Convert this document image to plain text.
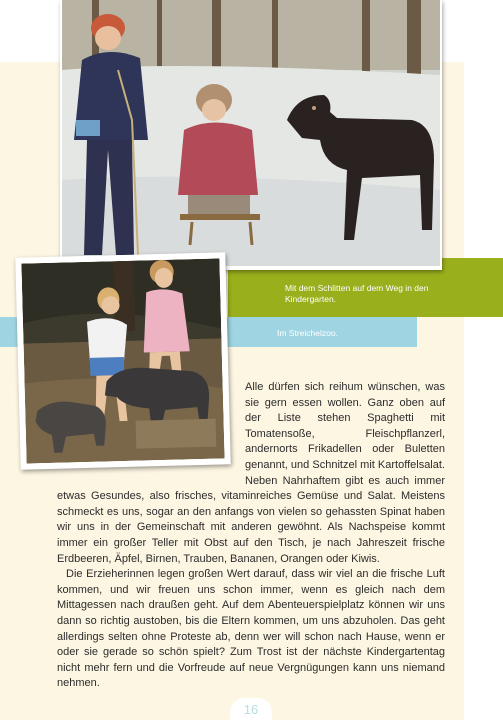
Mit dem Schlitten auf dem Weg in den Kindergarten.
Im Streichelzoo.

Alle dürfen sich reihum wünschen, was sie gern essen wollen. Ganz oben auf der Liste stehen Spaghetti mit Tomatensoße, Fleischpflanzerl, andernorts Frikadellen oder Buletten genannt, und Schnitzel mit Kartoffelsalat. Neben Nahrhaftem gibt es auch immer etwas Gesundes, also frisches, vitaminreiches Gemüse und Salat. Meistens schmeckt es uns, sogar an den anfangs von vielen so gehassten Spinat haben wir uns in der Gemeinschaft mit anderen gewöhnt. Als Nachspeise kommt immer ein großer Teller mit Obst auf den Tisch, je nach Jahreszeit frische Erdbeeren, Äpfel, Birnen, Trauben, Bananen, Orangen oder Kiwis.

Die Erzieherinnen legen großen Wert darauf, dass wir viel an die frische Luft kommen, und wir freuen uns schon immer, wenn es gleich nach dem Mittagessen nach draußen geht. Auf dem Abenteuerspielplatz können wir uns dann so richtig austoben, bis die Eltern kommen, um uns abzuholen. Das geht allerdings selten ohne Proteste ab, denn wer will schon nach Hause, wenn er oder sie gerade so schön spielt? Zum Trost ist der nächste Kindergartentag nicht mehr fern und die Vorfreude auf neue Vergnügungen kann uns niemand nehmen.

16
